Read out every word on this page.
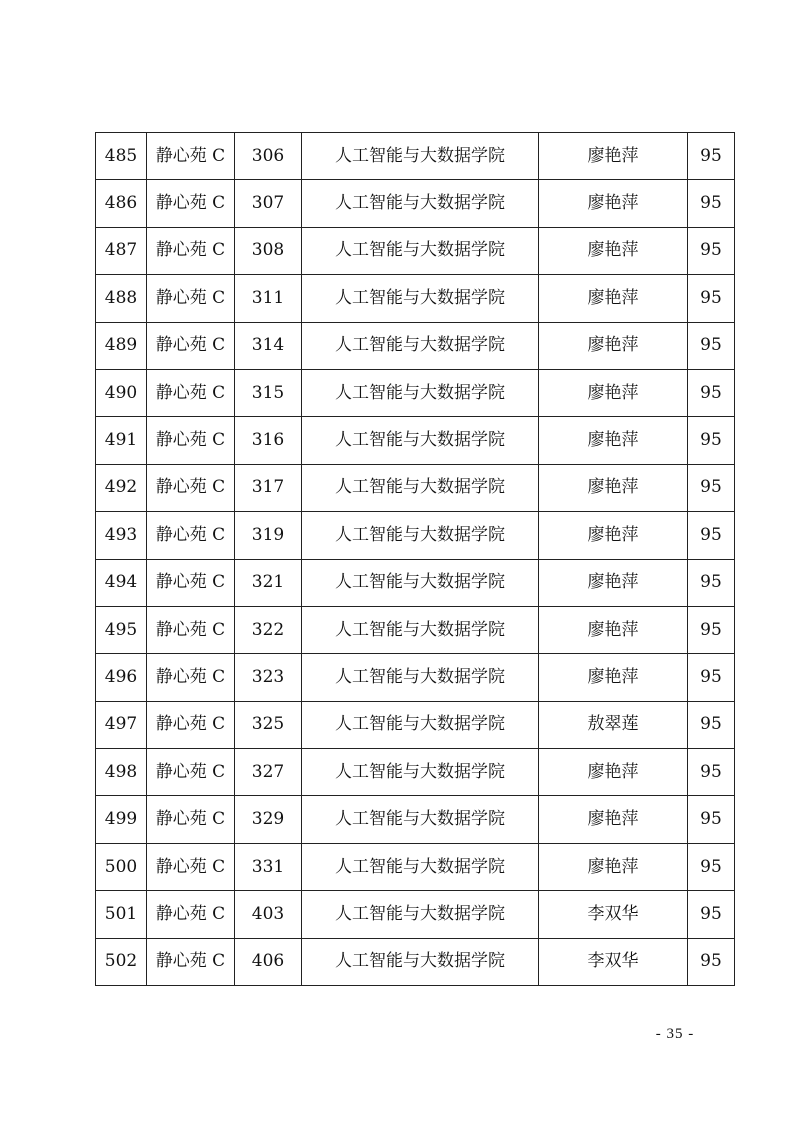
485	静心苑 C	306	人工智能与大数据学院	廖艳萍	95
486	静心苑 C	307	人工智能与大数据学院	廖艳萍	95
487	静心苑 C	308	人工智能与大数据学院	廖艳萍	95
488	静心苑 C	311	人工智能与大数据学院	廖艳萍	95
489	静心苑 C	314	人工智能与大数据学院	廖艳萍	95
490	静心苑 C	315	人工智能与大数据学院	廖艳萍	95
491	静心苑 C	316	人工智能与大数据学院	廖艳萍	95
492	静心苑 C	317	人工智能与大数据学院	廖艳萍	95
493	静心苑 C	319	人工智能与大数据学院	廖艳萍	95
494	静心苑 C	321	人工智能与大数据学院	廖艳萍	95
495	静心苑 C	322	人工智能与大数据学院	廖艳萍	95
496	静心苑 C	323	人工智能与大数据学院	廖艳萍	95
497	静心苑 C	325	人工智能与大数据学院	敖翠莲	95
498	静心苑 C	327	人工智能与大数据学院	廖艳萍	95
499	静心苑 C	329	人工智能与大数据学院	廖艳萍	95
500	静心苑 C	331	人工智能与大数据学院	廖艳萍	95
501	静心苑 C	403	人工智能与大数据学院	李双华	95
502	静心苑 C	406	人工智能与大数据学院	李双华	95
- 35 -
